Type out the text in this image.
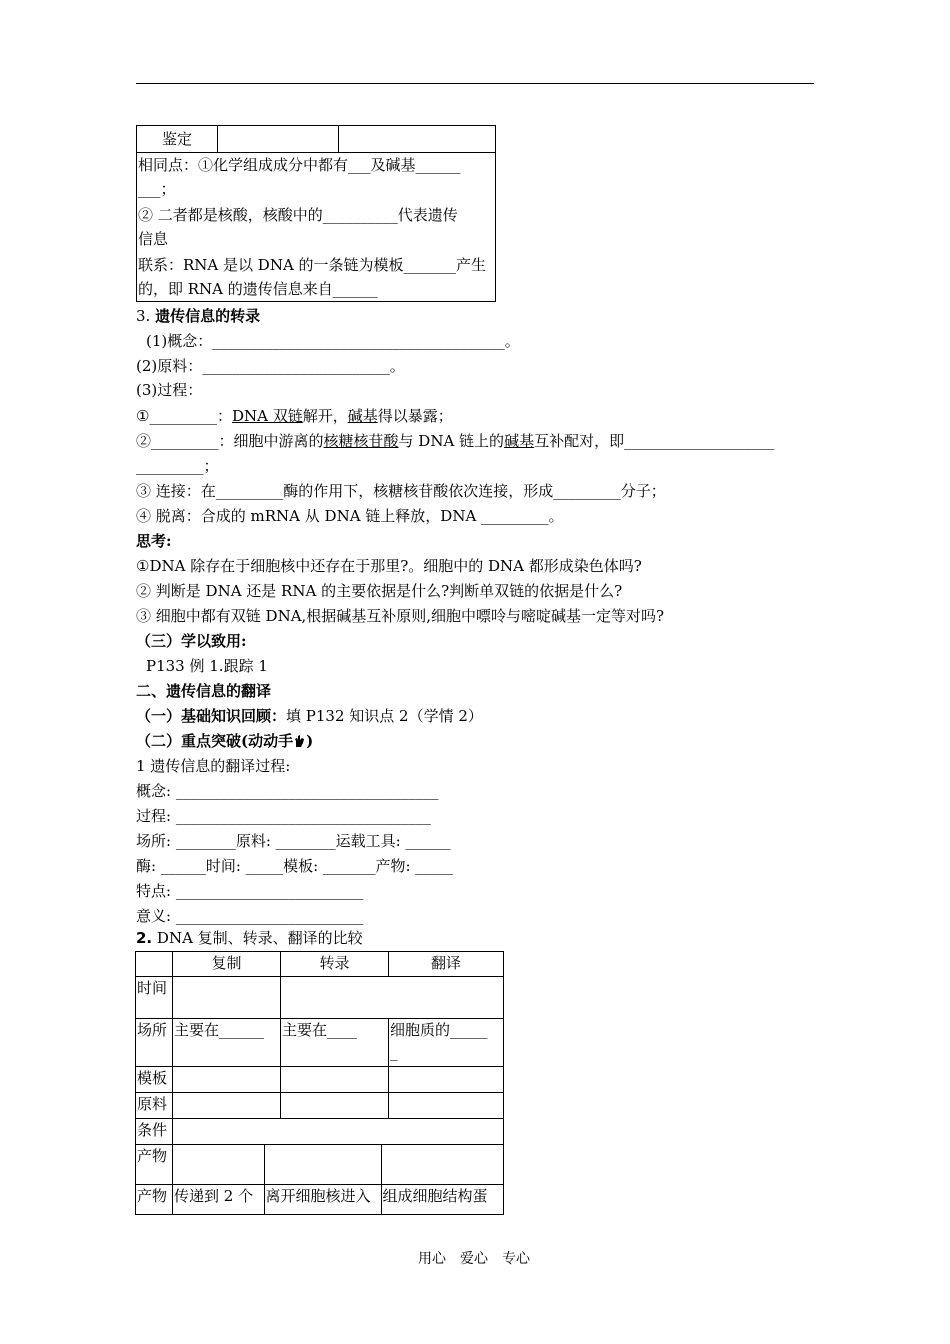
鉴定
相同点：①化学组成成分中都有___及碱基______
___；
② 二者都是核酸，核酸中的__________代表遗传
信息
联系：RNA 是以 DNA 的一条链为模板_______产生
的，即 RNA 的遗传信息来自______
3. 遗传信息的转录
(1)概念：_______________________________________。
(2)原料：_________________________。
(3)过程：
①_________：DNA 双链解开，碱基得以暴露；
②_________：细胞中游离的核糖核苷酸与 DNA 链上的碱基互补配对，即____________________
_________；
③ 连接：在_________酶的作用下，核糖核苷酸依次连接，形成_________分子；
④ 脱离：合成的 mRNA 从 DNA 链上释放，DNA _________。
思考:
①DNA 除存在于细胞核中还存在于那里?。细胞中的 DNA 都形成染色体吗?
② 判断是 DNA 还是 RNA 的主要依据是什么?判断单双链的依据是什么?
③ 细胞中都有双链 DNA,根据碱基互补原则,细胞中嘌呤与嘧啶碱基一定等对吗?
（三）学以致用:
P133 例 1.跟踪 1
二、遗传信息的翻译
（一）基础知识回顾：填 P132 知识点 2（学情 2）
（二）重点突破(动动手 )
1 遗传信息的翻译过程:
概念: ___________________________________
过程: __________________________________
场所: ________原料: ________运载工具: ______
酶: ______时间: _____模板: _______产物: _____
特点: _________________________
意义: _________________________
2. DNA 复制、转录、翻译的比较
	复制	转录	翻译
时间		
场所	主要在______	主要在____	细胞质的_____
_

模板			
原料			
条件	
产物	

产物	传递到 2 个	离开细胞核进入	组成细胞结构蛋
用心　爱心　专心
